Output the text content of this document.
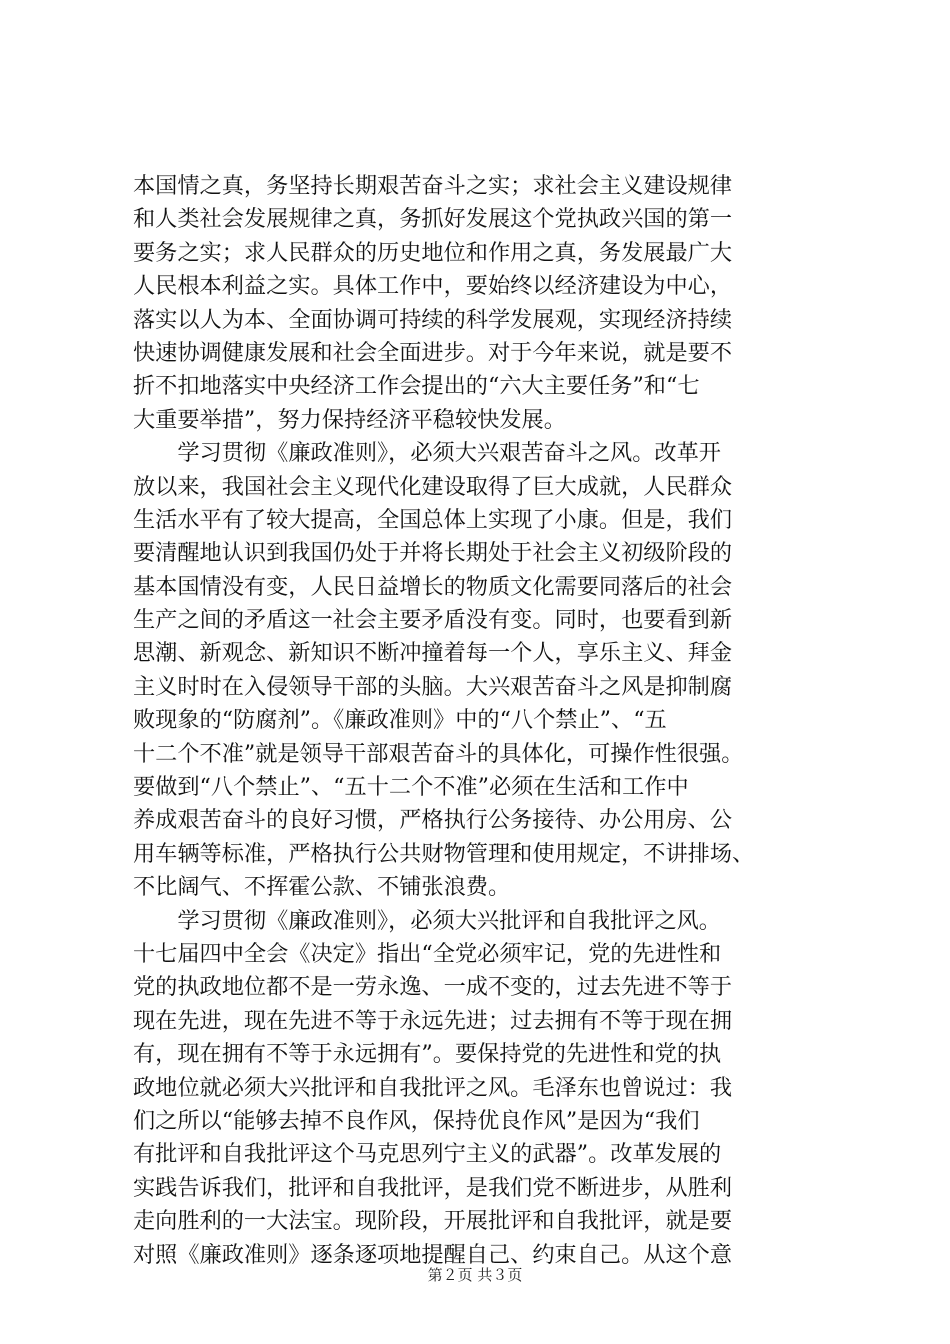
本国情之真，务坚持长期艰苦奋斗之实；求社会主义建设规律
和人类社会发展规律之真，务抓好发展这个党执政兴国的第一
要务之实；求人民群众的历史地位和作用之真，务发展最广大
人民根本利益之实。具体工作中，要始终以经济建设为中心，
落实以人为本、全面协调可持续的科学发展观，实现经济持续
快速协调健康发展和社会全面进步。对于今年来说，就是要不
折不扣地落实中央经济工作会提出的“六大主要任务”和“七
大重要举措”，努力保持经济平稳较快发展。
　　学习贯彻《廉政准则》，必须大兴艰苦奋斗之风。改革开
放以来，我国社会主义现代化建设取得了巨大成就，人民群众
生活水平有了较大提高，全国总体上实现了小康。但是，我们
要清醒地认识到我国仍处于并将长期处于社会主义初级阶段的
基本国情没有变，人民日益增长的物质文化需要同落后的社会
生产之间的矛盾这一社会主要矛盾没有变。同时，也要看到新
思潮、新观念、新知识不断冲撞着每一个人，享乐主义、拜金
主义时时在入侵领导干部的头脑。大兴艰苦奋斗之风是抑制腐
败现象的“防腐剂”。《廉政准则》中的“八个禁止”、“五
十二个不准”就是领导干部艰苦奋斗的具体化，可操作性很强。
要做到“八个禁止”、“五十二个不准”必须在生活和工作中
养成艰苦奋斗的良好习惯，严格执行公务接待、办公用房、公
用车辆等标准，严格执行公共财物管理和使用规定，不讲排场、
不比阔气、不挥霍公款、不铺张浪费。
　　学习贯彻《廉政准则》，必须大兴批评和自我批评之风。
十七届四中全会《决定》指出“全党必须牢记，党的先进性和
党的执政地位都不是一劳永逸、一成不变的，过去先进不等于
现在先进，现在先进不等于永远先进；过去拥有不等于现在拥
有，现在拥有不等于永远拥有”。要保持党的先进性和党的执
政地位就必须大兴批评和自我批评之风。毛泽东也曾说过：我
们之所以“能够去掉不良作风，保持优良作风”是因为“我们
有批评和自我批评这个马克思列宁主义的武器”。改革发展的
实践告诉我们，批评和自我批评，是我们党不断进步，从胜利
走向胜利的一大法宝。现阶段，开展批评和自我批评，就是要
对照《廉政准则》逐条逐项地提醒自己、约束自己。从这个意
第２页 共３页
